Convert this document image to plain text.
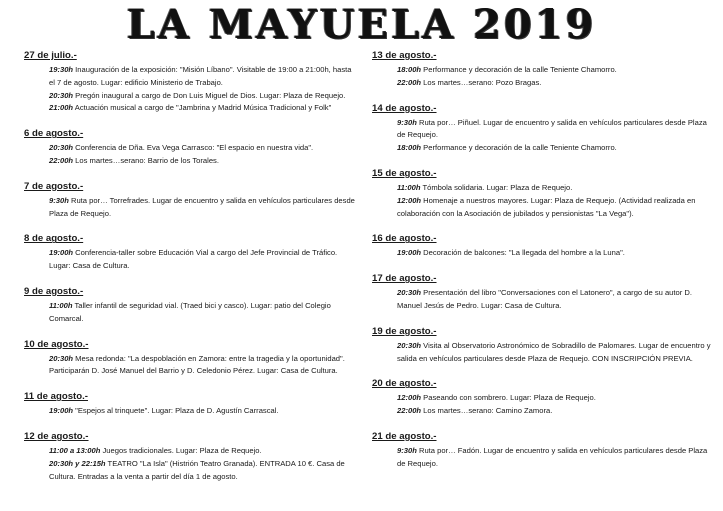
LA MAYUELA 2019
27 de julio.-
19:30h Inauguración de la exposición: "Misión Líbano". Visitable de 19:00 a 21:00h, hasta el 7 de agosto. Lugar: edificio Ministerio de Trabajo.
20:30h Pregón inaugural a cargo de Don Luis Miguel de Dios. Lugar: Plaza de Requejo.
21:00h Actuación musical a cargo de "Jambrina y Madrid Música Tradicional y Folk"
6 de agosto.-
20:30h Conferencia de Dña. Eva Vega Carrasco: "El espacio en nuestra vida".
22:00h Los martes…serano: Barrio de los Torales.
7 de agosto.-
9:30h Ruta por… Torrefrades. Lugar de encuentro y salida en vehículos particulares desde Plaza de Requejo.
8 de agosto.-
19:00h Conferencia-taller sobre Educación Vial a cargo del Jefe Provincial de Tráfico. Lugar: Casa de Cultura.
9 de agosto.-
11:00h Taller infantil de seguridad vial. (Traed bici y casco). Lugar: patio del Colegio Comarcal.
10 de agosto.-
20:30h Mesa redonda: "La despoblación en Zamora: entre la tragedia y la oportunidad". Participarán D. José Manuel del Barrio y D. Celedonio Pérez. Lugar: Casa de Cultura.
11 de agosto.-
19:00h "Espejos al trinquete". Lugar: Plaza de D. Agustín Carrascal.
12 de agosto.-
11:00 a 13:00h Juegos tradicionales. Lugar: Plaza de Requejo.
20:30h y 22:15h TEATRO "La Isla" (Histrión Teatro Granada). ENTRADA 10 €. Casa de Cultura. Entradas a la venta a partir del día 1 de agosto.
13 de agosto.-
18:00h Performance y decoración de la calle Teniente Chamorro.
22:00h Los martes…serano: Pozo Bragas.
14 de agosto.-
9:30h Ruta por… Piñuel. Lugar de encuentro y salida en vehículos particulares desde Plaza de Requejo.
18:00h Performance y decoración de la calle Teniente Chamorro.
15 de agosto.-
11:00h Tómbola solidaria. Lugar: Plaza de Requejo.
12:00h Homenaje a nuestros mayores. Lugar: Plaza de Requejo. (Actividad realizada en colaboración con la Asociación de jubilados y pensionistas "La Vega").
16 de agosto.-
19:00h Decoración de balcones: "La llegada del hombre a la Luna".
17 de agosto.-
20:30h Presentación del libro "Conversaciones con el Latonero", a cargo de su autor D. Manuel Jesús de Pedro. Lugar: Casa de Cultura.
19 de agosto.-
20:30h Visita al Observatorio Astronómico de Sobradillo de Palomares. Lugar de encuentro y salida en vehículos particulares desde Plaza de Requejo. CON INSCRIPCIÓN PREVIA.
20 de agosto.-
12:00h Paseando con sombrero. Lugar: Plaza de Requejo.
22:00h Los martes…serano: Camino Zamora.
21 de agosto.-
9:30h Ruta por… Fadón. Lugar de encuentro y salida en vehículos particulares desde Plaza de Requejo.
